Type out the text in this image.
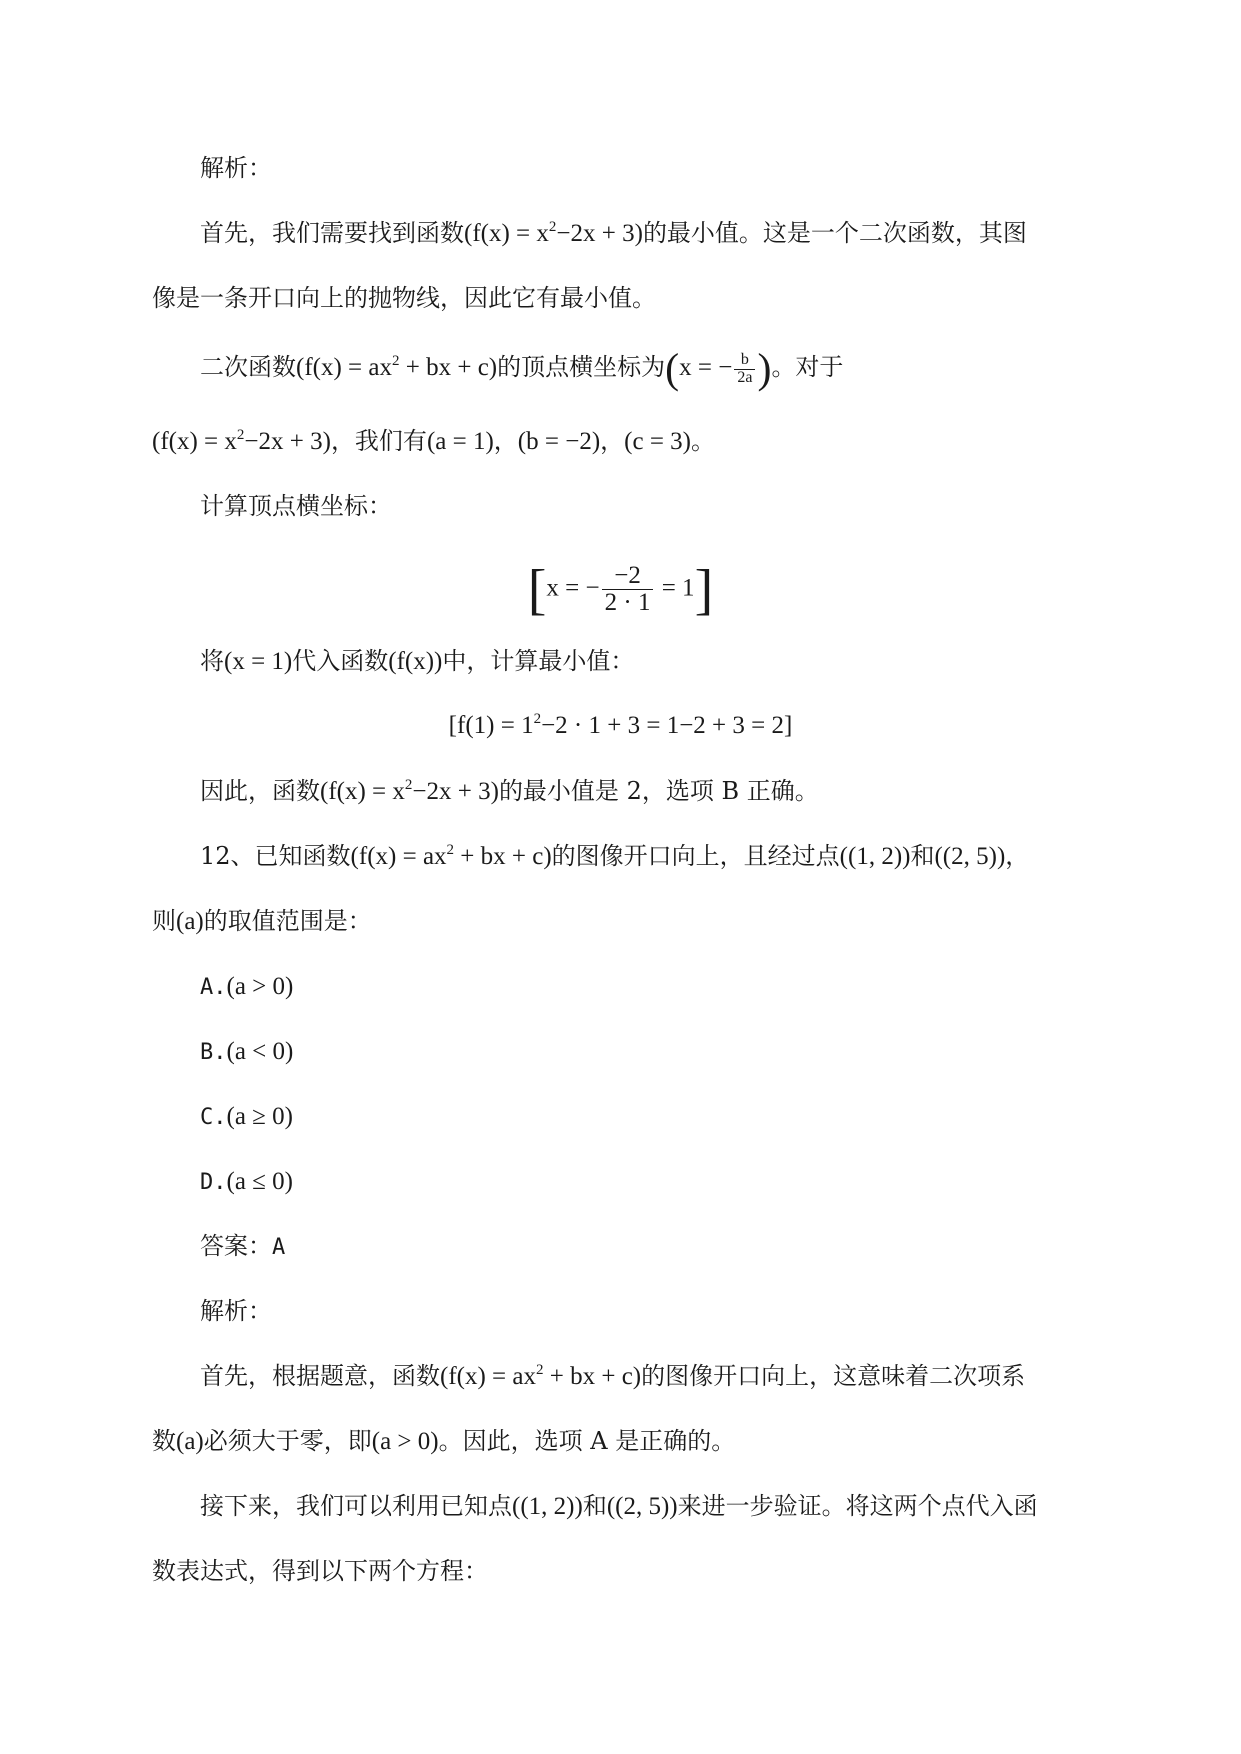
解析：
首先，我们需要找到函数$(f(x) = x^2-2x + 3)$的最小值。这是一个二次函数，其图
像是一条开口向上的抛物线，因此它有最小值。
二次函数($f(x) = ax^2$ + bx + c)的顶点横坐标为(x = − $\frac{b}{2a}$ )。对于
$(f(x) = x^2-2x + 3)$，我们有(a = 1)，(b = −2)，(c = 3)。
计算顶点横坐标：
[x = − $\frac{-2}{2 \cdot 1} = 1$]
将(x = 1)代入函数(f(x))中，计算最小值：
$[f(1) = 1^2-2 \cdot 1 + 3 = 1-2 + 3 = 2]$
因此，函数$(f(x) = x^2-2x + 3)$的最小值是 2，选项 B 正确。
12、已知函数($f(x) = ax^2$ + bx + c)的图像开口向上，且经过点((1, 2))和((2, 5))，
则(a)的取值范围是：
A.(a > 0)
B.(a < 0)
C.(a ≥ 0)
D.(a ≤ 0)
答案：A
解析：
首先，根据题意，函数($f(x) = ax^2$ + bx + c)的图像开口向上，这意味着二次项系
数(a)必须大于零，即(a > 0)。因此，选项 A 是正确的。
接下来，我们可以利用已知点((1, 2))和((2, 5))来进一步验证。将这两个点代入函
数表达式，得到以下两个方程：
